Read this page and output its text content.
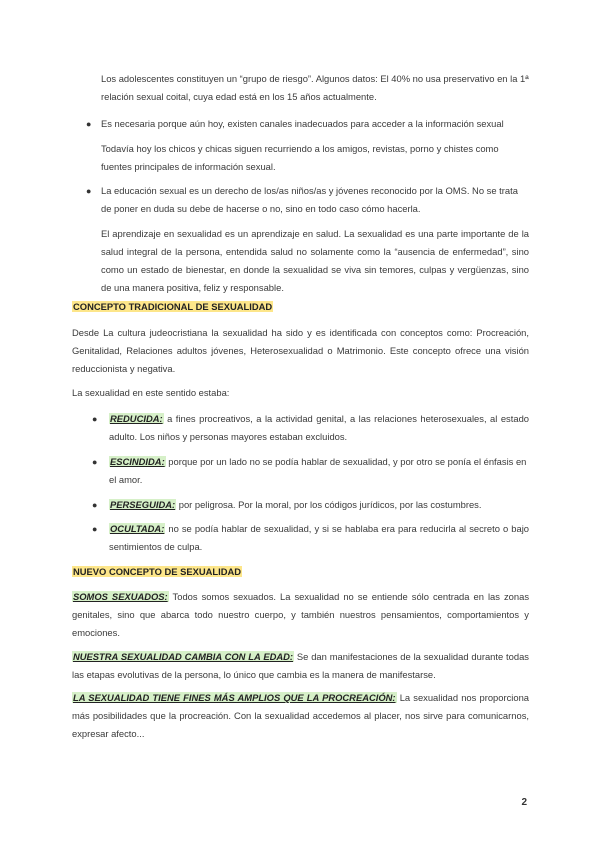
Los adolescentes constituyen un “grupo de riesgo”. Algunos datos: El 40% no usa preservativo en la 1ª relación sexual coital, cuya edad está en los 15 años actualmente.

● Es necesaria porque aún hoy, existen canales inadecuados para acceder a la información sexual

Todavía hoy los chicos y chicas siguen recurriendo a los amigos, revistas, porno y chistes como fuentes principales de información sexual.

● La educación sexual es un derecho de los/as niños/as y jóvenes reconocido por la OMS. No se trata de poner en duda su debe de hacerse o no, sino en todo caso cómo hacerla.

El aprendizaje en sexualidad es un aprendizaje en salud. La sexualidad es una parte importante de la salud integral de la persona, entendida salud no solamente como la “ausencia de enfermedad”, sino como un estado de bienestar, en donde la sexualidad se viva sin temores, culpas y vergüenzas, sino de una manera positiva, feliz y responsable.

CONCEPTO TRADICIONAL DE SEXUALIDAD

Desde La cultura judeocristiana la sexualidad ha sido y es identificada con conceptos como: Procreación, Genitalidad, Relaciones adultos jóvenes, Heterosexualidad o Matrimonio. Este concepto ofrece una visión reduccionista y negativa.

La sexualidad en este sentido estaba:

● REDUCIDA: a fines procreativos, a la actividad genital, a las relaciones heterosexuales, al estado adulto. Los niños y personas mayores estaban excluidos.

● ESCINDIDA: porque por un lado no se podía hablar de sexualidad, y por otro se ponía el énfasis en el amor.

● PERSEGUIDA: por peligrosa. Por la moral, por los códigos jurídicos, por las costumbres.

● OCULTADA: no se podía hablar de sexualidad, y si se hablaba era para reducirla al secreto o bajo sentimientos de culpa.

NUEVO CONCEPTO DE SEXUALIDAD

SOMOS SEXUADOS: Todos somos sexuados. La sexualidad no se entiende sólo centrada en las zonas genitales, sino que abarca todo nuestro cuerpo, y también nuestros pensamientos, comportamientos y emociones.

NUESTRA SEXUALIDAD CAMBIA CON LA EDAD: Se dan manifestaciones de la sexualidad durante todas las etapas evolutivas de la persona, lo único que cambia es la manera de manifestarse.

LA SEXUALIDAD TIENE FINES MÁS AMPLIOS QUE LA PROCREACIÓN: La sexualidad nos proporciona más posibilidades que la procreación. Con la sexualidad accedemos al placer, nos sirve para comunicarnos, expresar afecto...

2
